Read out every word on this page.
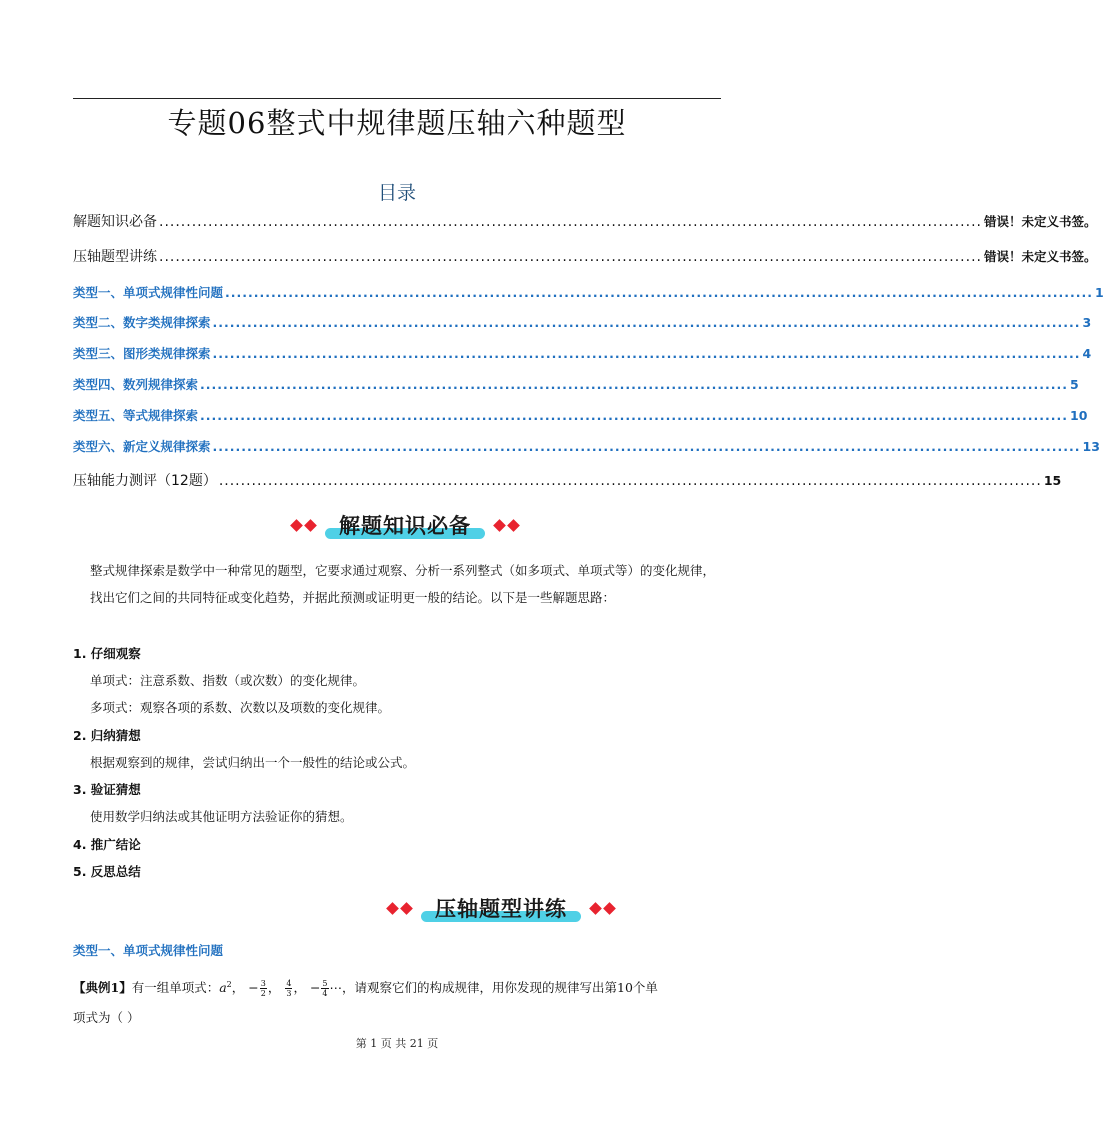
专题06整式中规律题压轴六种题型
目录
解题知识必备 ....................................................................................................................................................... 错误！未定义书签。
压轴题型讲练 ....................................................................................................................................................... 错误！未定义书签。
类型一、单项式规律性问题 ....................................................................................................................................................... 1
类型二、数字类规律探索 ....................................................................................................................................................... 3
类型三、图形类规律探索 ....................................................................................................................................................... 4
类型四、数列规律探索 ....................................................................................................................................................... 5
类型五、等式规律探索 ....................................................................................................................................................... 10
类型六、新定义规律探索 ....................................................................................................................................................... 13
压轴能力测评（12题） ....................................................................................................................................................... 15
解题知识必备
整式规律探索是数学中一种常见的题型，它要求通过观察、分析一系列整式（如多项式、单项式等）的变化规律，找出它们之间的共同特征或变化趋势，并据此预测或证明更一般的结论。以下是一些解题思路：
1. 仔细观察
单项式：注意系数、指数（或次数）的变化规律。
多项式：观察各项的系数、次数以及项数的变化规律。
2. 归纳猜想
根据观察到的规律，尝试归纳出一个一般性的结论或公式。
3. 验证猜想
使用数学归纳法或其他证明方法验证你的猜想。
4. 推广结论
5. 反思总结
压轴题型讲练
类型一、单项式规律性问题
【典例1】有一组单项式：$a^2$， − $\frac{3}{2}$ ， $\frac{4}{3}$ ， − $\frac{5}{4}$ ⋯，请观察它们的构成规律，用你发现的规律写出第10个单
项式为（ ）
第 1 页 共 21 页
